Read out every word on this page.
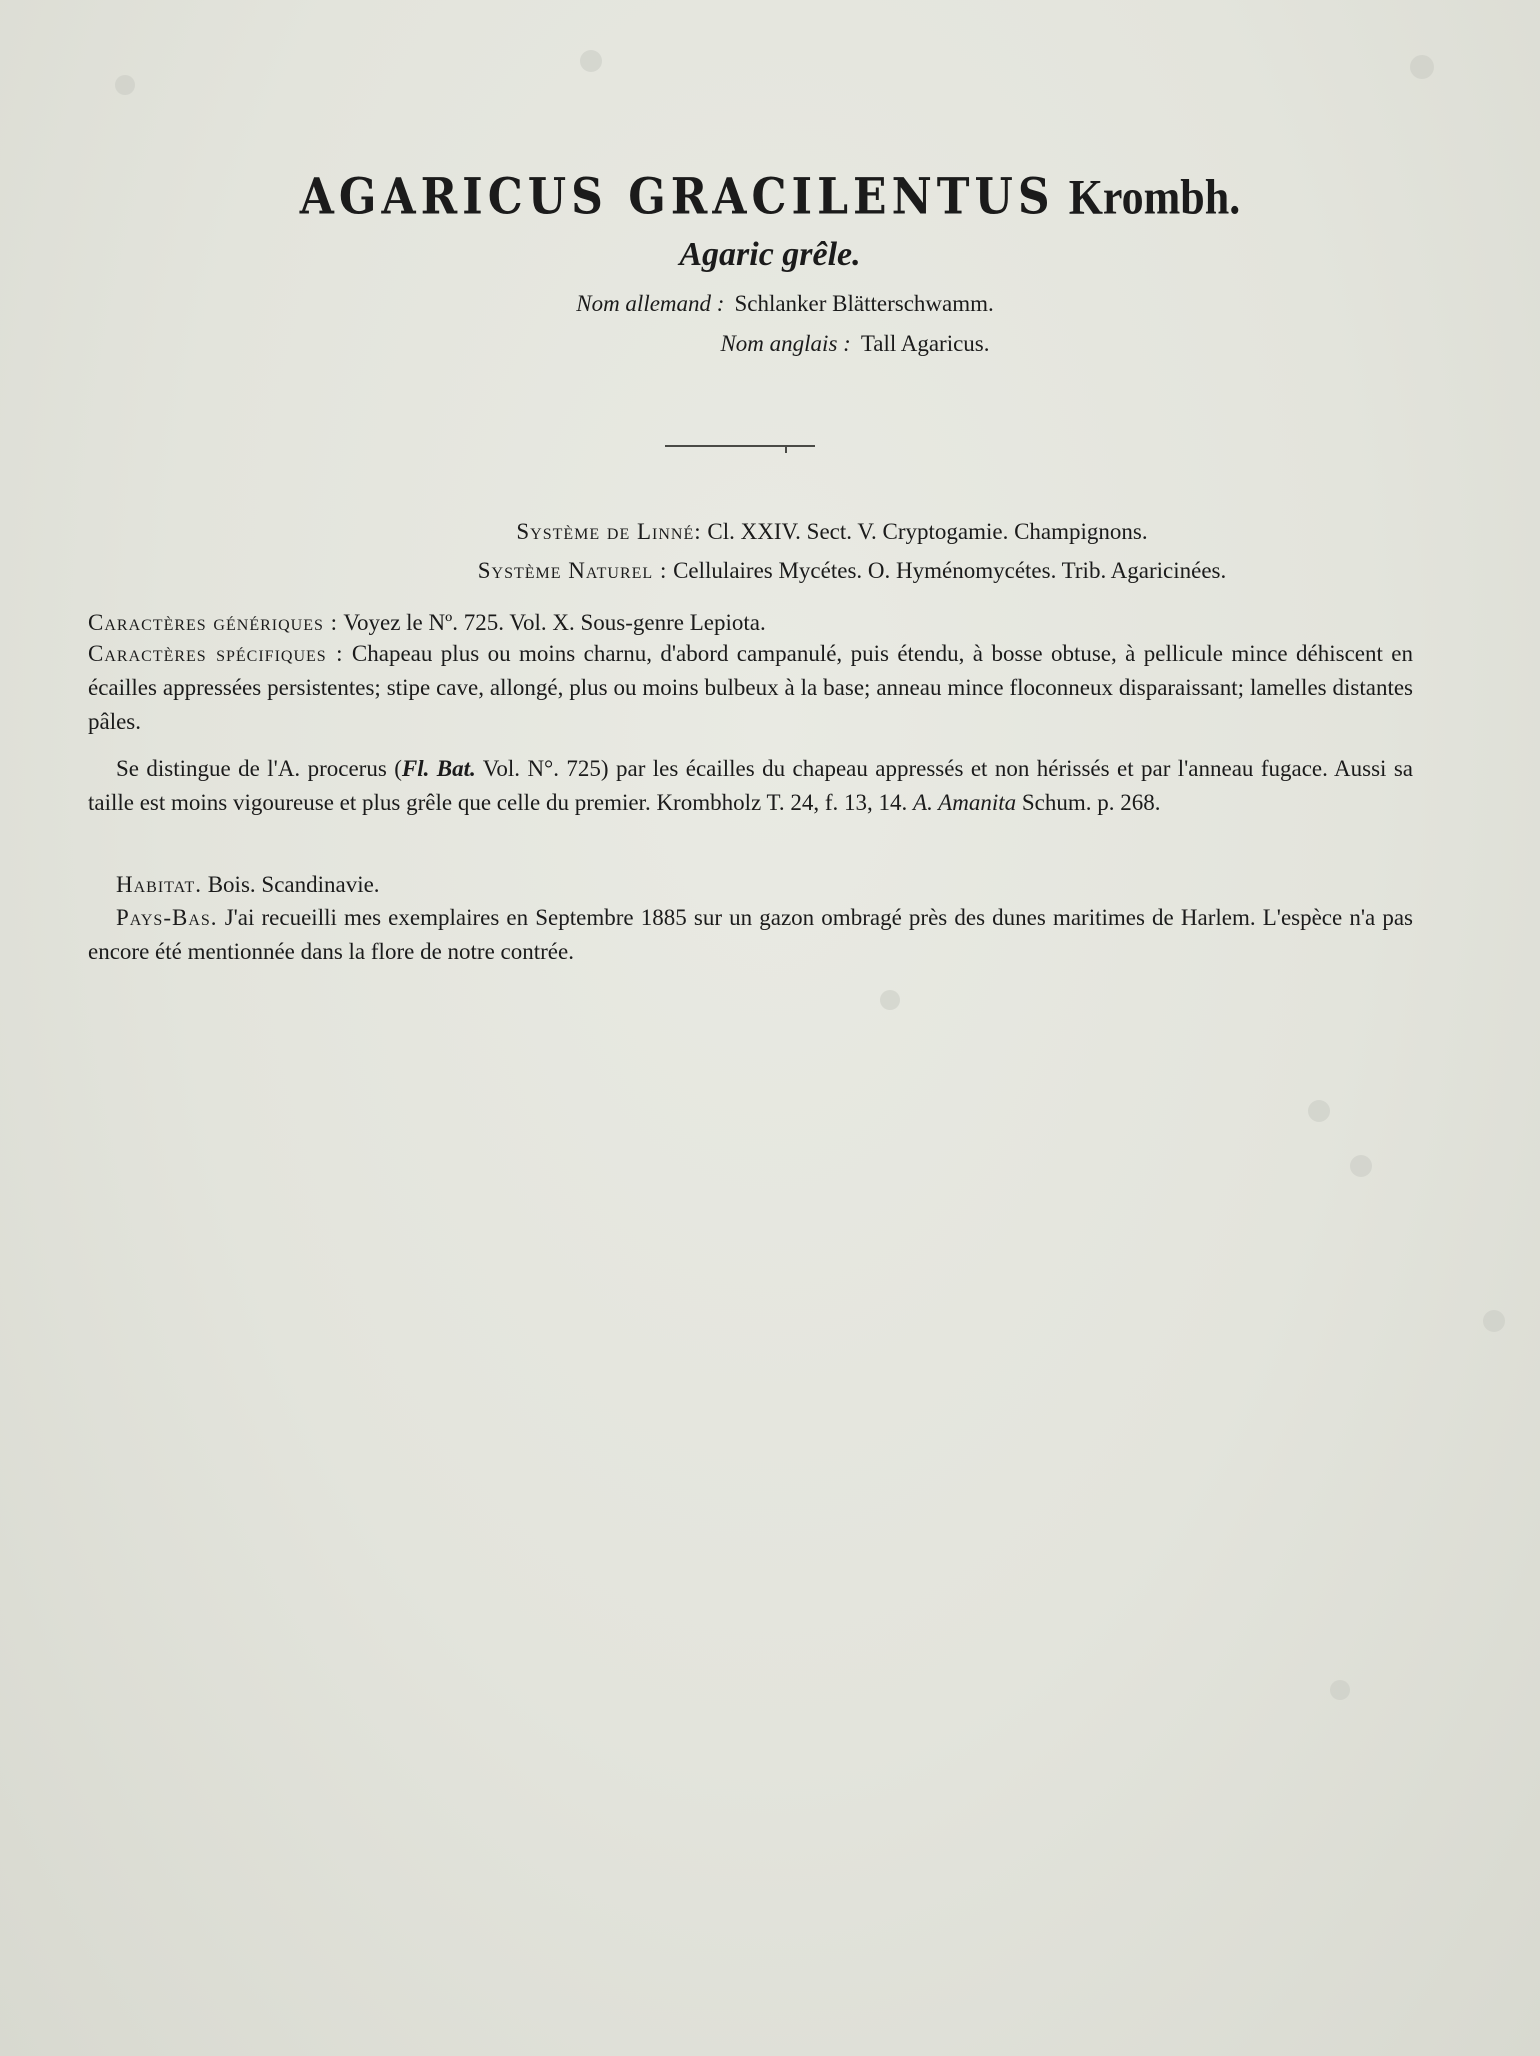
AGARICUS GRACILENTUS Krombh.
Agaric grêle.
Nom allemand : Schlanker Blätterschwamm.
Nom anglais : Tall Agaricus.
Système de Linné: Cl. XXIV. Sect. V. Cryptogamie. Champignons.
Système Naturel : Cellulaires Mycétes. O. Hyménomycétes. Trib. Agaricinées.
Caractères génériques : Voyez le Nº. 725. Vol. X. Sous-genre Lepiota.
Caractères spécifiques : Chapeau plus ou moins charnu, d'abord campanulé, puis étendu, à bosse obtuse, à pellicule mince déhiscent en écailles appressées persistentes; stipe cave, allongé, plus ou moins bulbeux à la base; anneau mince floconneux disparaissant; lamelles distantes pâles.
Se distingue de l'A. procerus (Fl. Bat. Vol. N°. 725) par les écailles du chapeau appressés et non hérissés et par l'anneau fugace. Aussi sa taille est moins vigoureuse et plus grêle que celle du premier. Krombholz T. 24, f. 13, 14. A. Amanita Schum. p. 268.
Habitat. Bois. Scandinavie.
Pays-Bas. J'ai recueilli mes exemplaires en Septembre 1885 sur un gazon ombragé près des dunes maritimes de Harlem. L'espèce n'a pas encore été mentionnée dans la flore de notre contrée.
